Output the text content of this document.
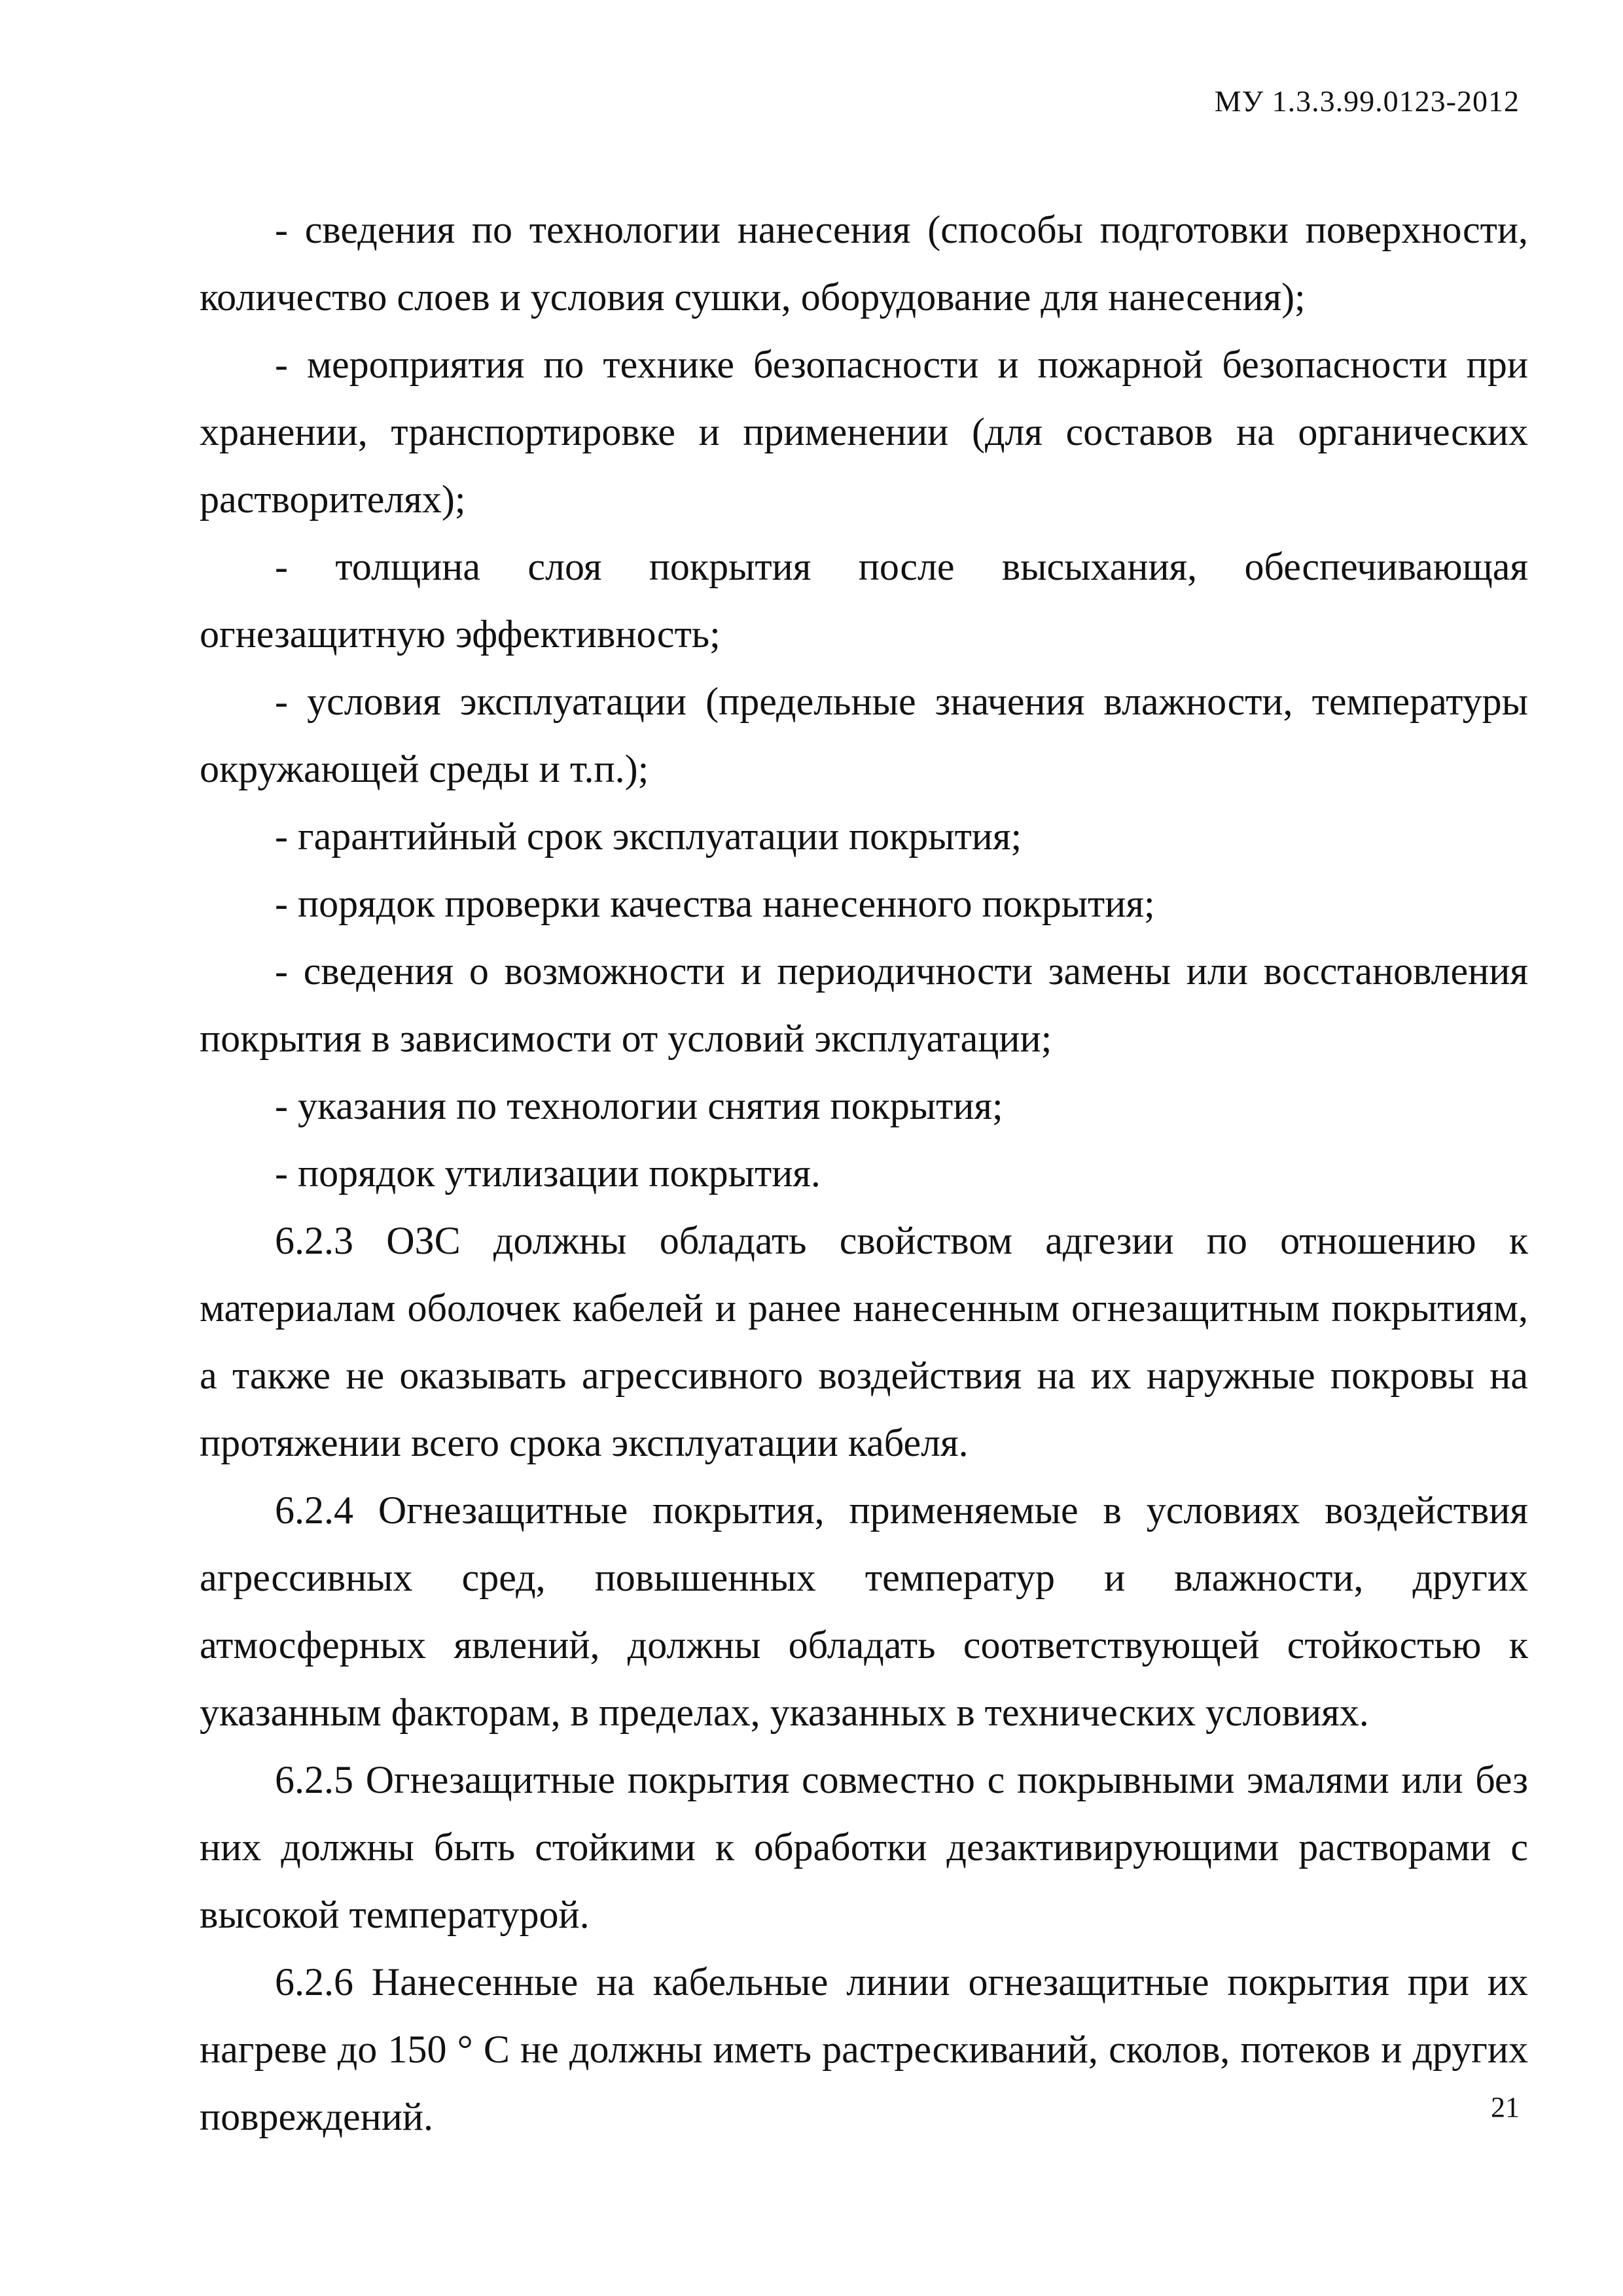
МУ 1.3.3.99.0123-2012

- сведения по технологии нанесения (способы подготовки поверхности, количество слоев и условия сушки, оборудование для нанесения);

- мероприятия по технике безопасности и пожарной безопасности при хранении, транспортировке и применении (для составов на органических растворителях);

- толщина слоя покрытия после высыхания, обеспечивающая огнезащитную эффективность;

- условия эксплуатации (предельные значения влажности, температуры окружающей среды и т.п.);

- гарантийный срок эксплуатации покрытия;

- порядок проверки качества нанесенного покрытия;

- сведения о возможности и периодичности замены или восстановления покрытия в зависимости от условий эксплуатации;

- указания по технологии снятия покрытия;

- порядок утилизации покрытия.

6.2.3 ОЗС должны обладать свойством адгезии по отношению к материалам оболочек кабелей и ранее нанесенным огнезащитным покрытиям, а также не оказывать агрессивного воздействия на их наружные покровы на протяжении всего срока эксплуатации кабеля.

6.2.4 Огнезащитные покрытия, применяемые в условиях воздействия агрессивных сред, повышенных температур и влажности, других атмосферных явлений, должны обладать соответствующей стойкостью к указанным факторам, в пределах, указанных в технических условиях.

6.2.5 Огнезащитные покрытия совместно с покрывными эмалями или без них должны быть стойкими к обработки дезактивирующими растворами с высокой температурой.

6.2.6 Нанесенные на кабельные линии огнезащитные покрытия при их нагреве до 150 ° С не должны иметь растрескиваний, сколов, потеков и других повреждений.	21
